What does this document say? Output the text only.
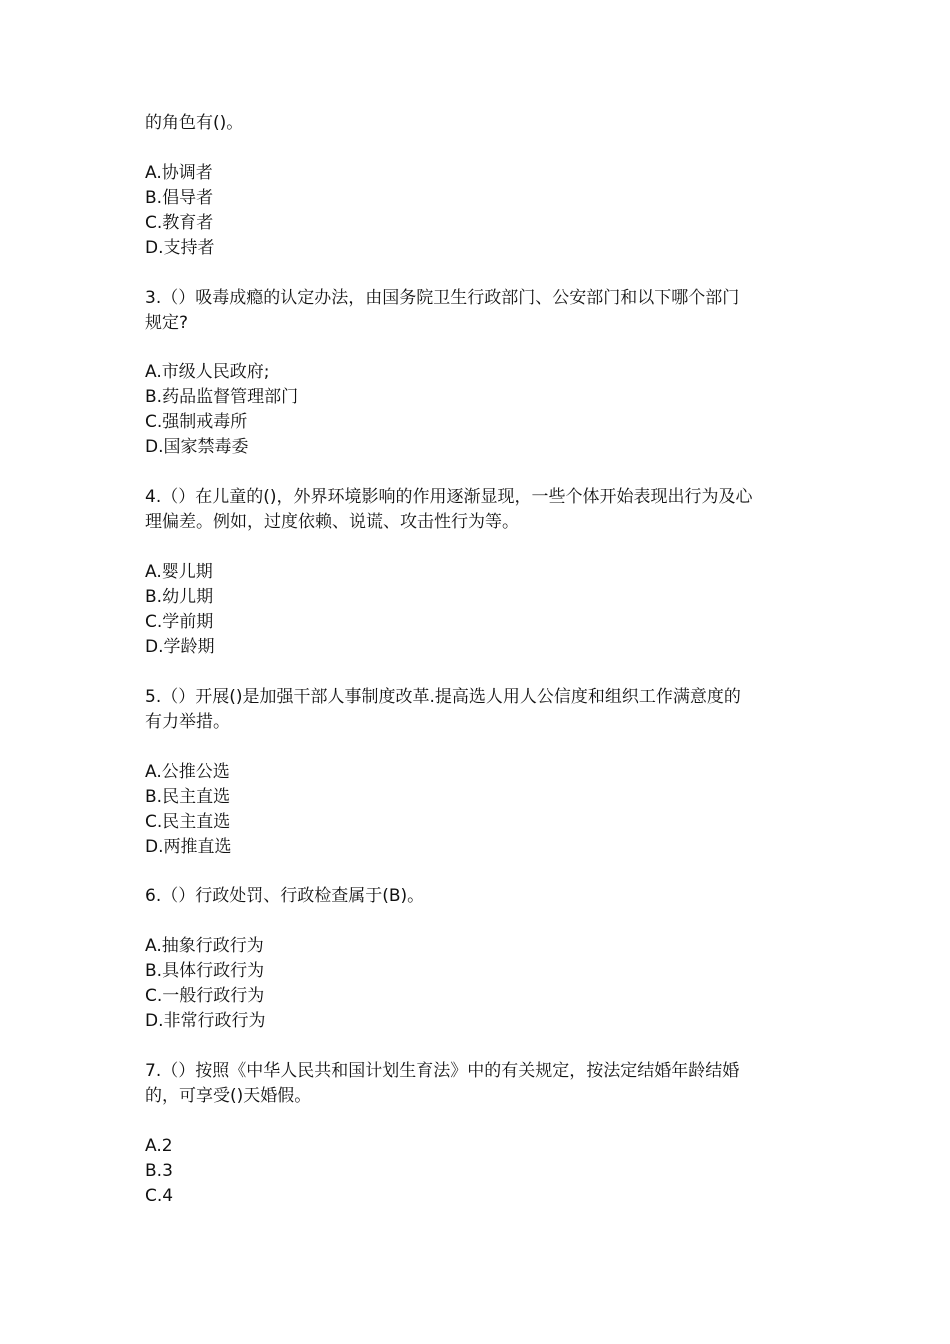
的角色有()。
A.协调者
B.倡导者
C.教育者
D.支持者
3.（）吸毒成瘾的认定办法，由国务院卫生行政部门、公安部门和以下哪个部门
规定?
A.市级人民政府;
B.药品监督管理部门
C.强制戒毒所
D.国家禁毒委
4.（）在儿童的()，外界环境影响的作用逐渐显现，一些个体开始表现出行为及心
理偏差。例如，过度依赖、说谎、攻击性行为等。
A.婴儿期
B.幼儿期
C.学前期
D.学龄期
5.（）开展()是加强干部人事制度改革.提高选人用人公信度和组织工作满意度的
有力举措。
A.公推公选
B.民主直选
C.民主直选
D.两推直选
6.（）行政处罚、行政检查属于(B)。
A.抽象行政行为
B.具体行政行为
C.一般行政行为
D.非常行政行为
7.（）按照《中华人民共和国计划生育法》中的有关规定，按法定结婚年龄结婚
的，可享受()天婚假。
A.2
B.3
C.4
